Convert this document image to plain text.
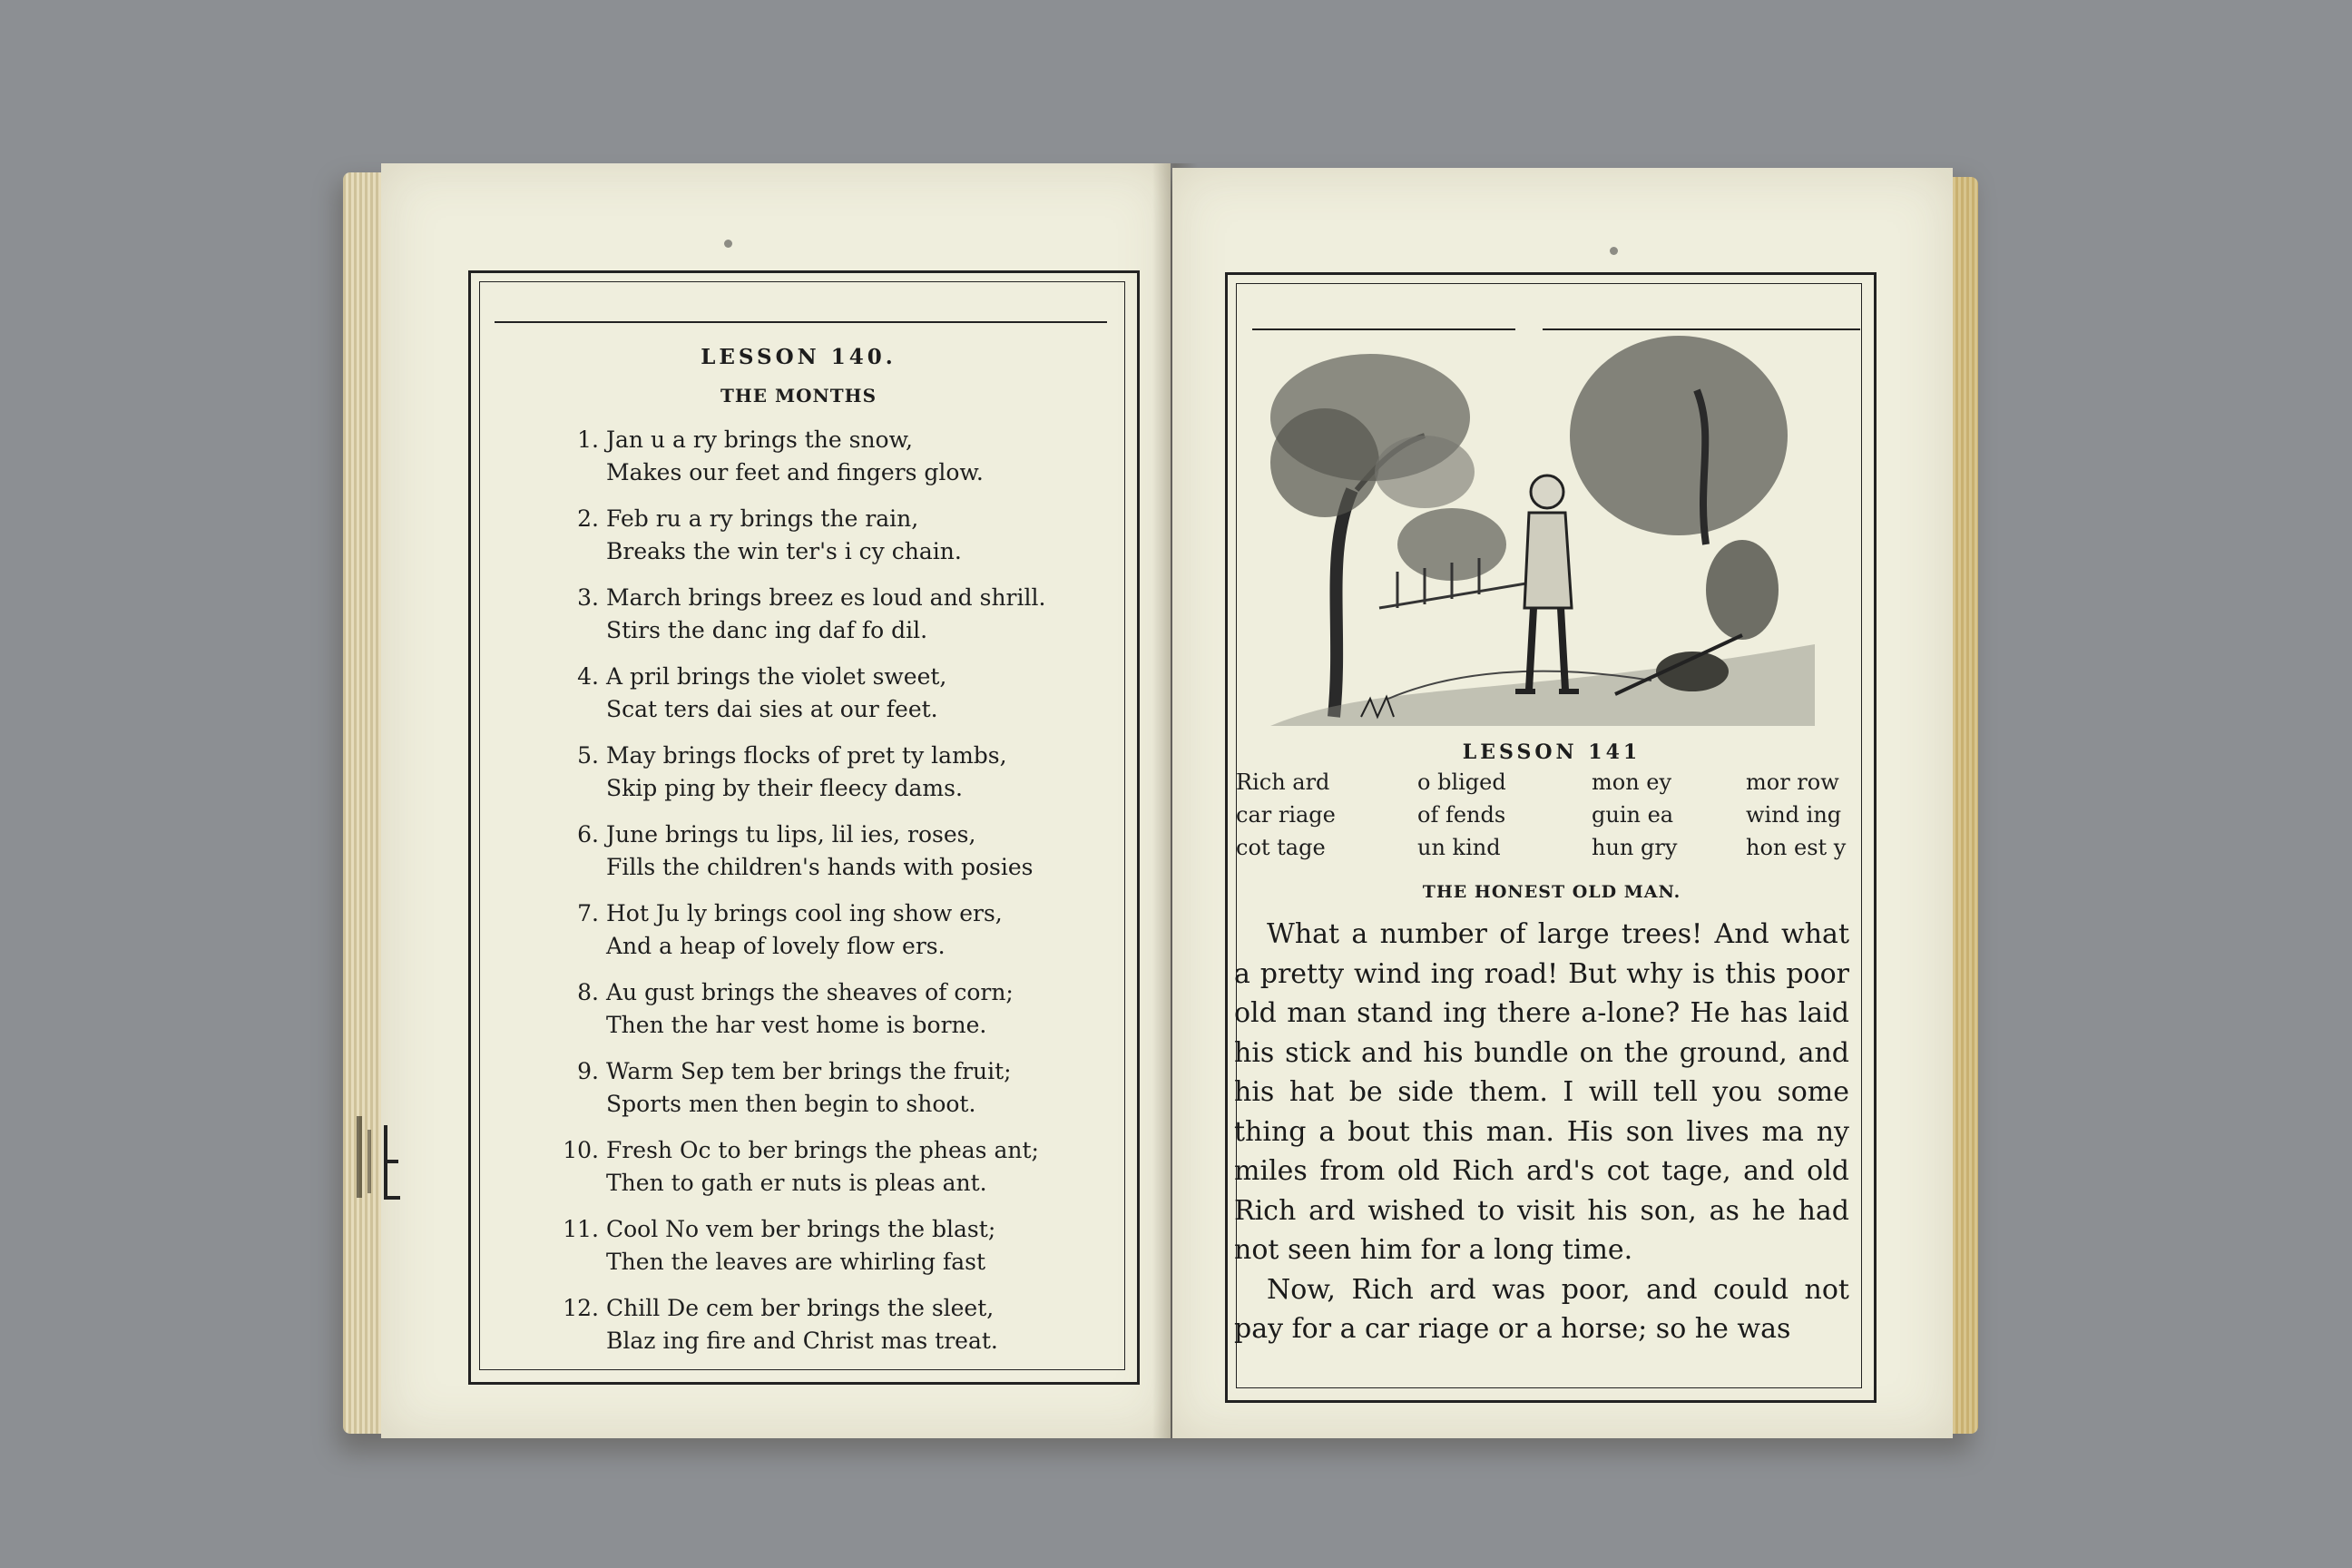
LESSON 140.
THE MONTHS
1. Jan u a ry brings the snow,
Makes our feet and fingers glow.
2. Feb ru a ry brings the rain,
Breaks the win ter's i cy chain.
3. March brings breez es loud and shrill.
Stirs the danc ing daf fo dil.
4. A pril brings the violet sweet,
Scat ters dai sies at our feet.
5. May brings flocks of pret ty lambs,
Skip ping by their fleecy dams.
6. June brings tu lips, lil ies, roses,
Fills the children's hands with posies
7. Hot Ju ly brings cool ing show ers,
And a heap of lovely flow ers.
8. Au gust brings the sheaves of corn;
Then the har vest home is borne.
9. Warm Sep tem ber brings the fruit;
Sports men then begin to shoot.
10. Fresh Oc to ber brings the pheas ant;
Then to gath er nuts is pleas ant.
11. Cool No vem ber brings the blast;
Then the leaves are whirling fast
12. Chill De cem ber brings the sleet,
Blaz ing fire and Christ mas treat.
LESSON 141
Rich ard	o bliged	mon ey	mor row
car riage	of fends	guin ea	wind ing
cot tage	un kind	hun gry	hon est y
THE HONEST OLD MAN.

What a number of large trees! And what a pretty wind ing road! But why is this poor old man stand ing there a-lone? He has laid his stick and his bundle on the ground, and his hat be side them. I will tell you some thing a bout this man. His son lives ma ny miles from old Rich ard's cot tage, and old Rich ard wished to visit his son, as he had not seen him for a long time.

Now, Rich ard was poor, and could not pay for a car riage or a horse; so he was
